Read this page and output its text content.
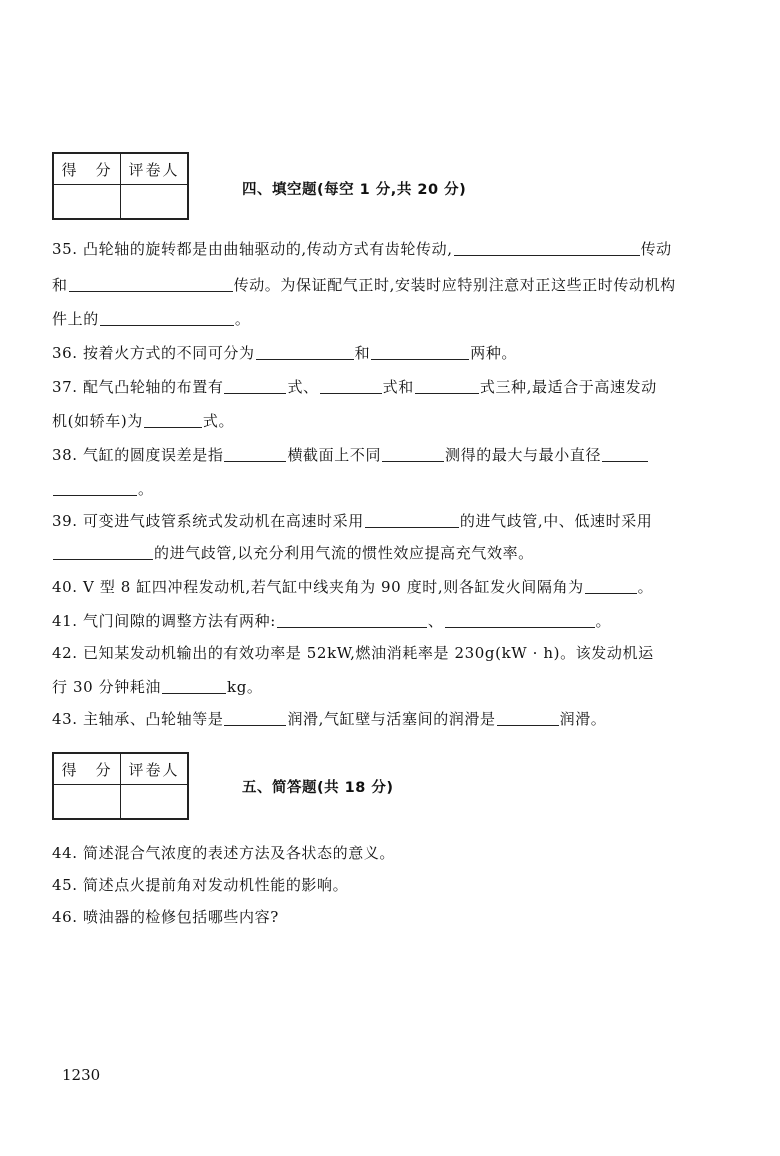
得　分	评卷人

四、填空题(每空 1 分,共 20 分)
35. 凸轮轴的旋转都是由曲轴驱动的,传动方式有齿轮传动,	传动
和	传动。为保证配气正时,安装时应特别注意对正这些正时传动机构
件上的	。
36. 按着火方式的不同可分为	和	两种。
37. 配气凸轮轴的布置有	式、	式和	式三种,最适合于高速发动
机(如轿车)为	式。
38. 气缸的圆度误差是指	横截面上不同	测得的最大与最小直径
。
39. 可变进气歧管系统式发动机在高速时采用	的进气歧管,中、低速时采用
的进气歧管,以充分利用气流的惯性效应提高充气效率。
40. V 型 8 缸四冲程发动机,若气缸中线夹角为 90 度时,则各缸发火间隔角为	。
41. 气门间隙的调整方法有两种:	、	。
42. 已知某发动机输出的有效功率是 52kW,燃油消耗率是 230g(kW · h)。该发动机运
行 30 分钟耗油	kg。
43. 主轴承、凸轮轴等是	润滑,气缸壁与活塞间的润滑是	润滑。
得　分	评卷人

五、简答题(共 18 分)
44. 简述混合气浓度的表述方法及各状态的意义。
45. 简述点火提前角对发动机性能的影响。
46. 喷油器的检修包括哪些内容?
1230
